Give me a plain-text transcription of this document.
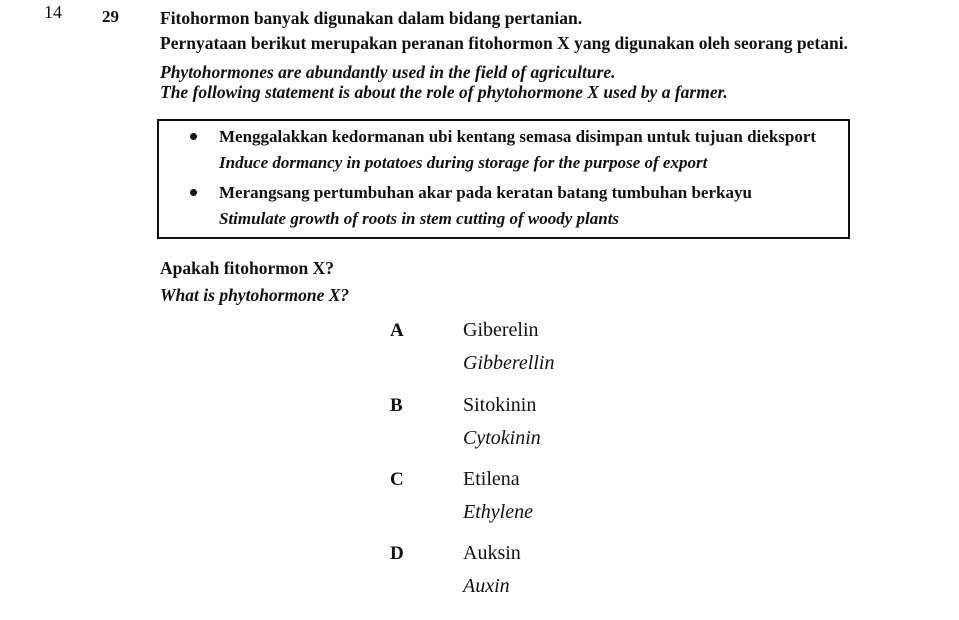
14 29 Fitohormon banyak digunakan dalam bidang pertanian.
Pernyataan berikut merupakan peranan fitohormon X yang digunakan oleh seorang petani.
Phytohormones are abundantly used in the field of agriculture.
The following statement is about the role of phytohormone X used by a farmer.
Menggalakkan kedormanan ubi kentang semasa disimpan untuk tujuan dieksport
Induce dormancy in potatoes during storage for the purpose of export
Merangsang pertumbuhan akar pada keratan batang tumbuhan berkayu
Stimulate growth of roots in stem cutting of woody plants
Apakah fitohormon X?
What is phytohormone X?
A	Giberelin
Gibberellin
B	Sitokinin
Cytokinin
C	Etilena
Ethylene
D	Auksin
Auxin
